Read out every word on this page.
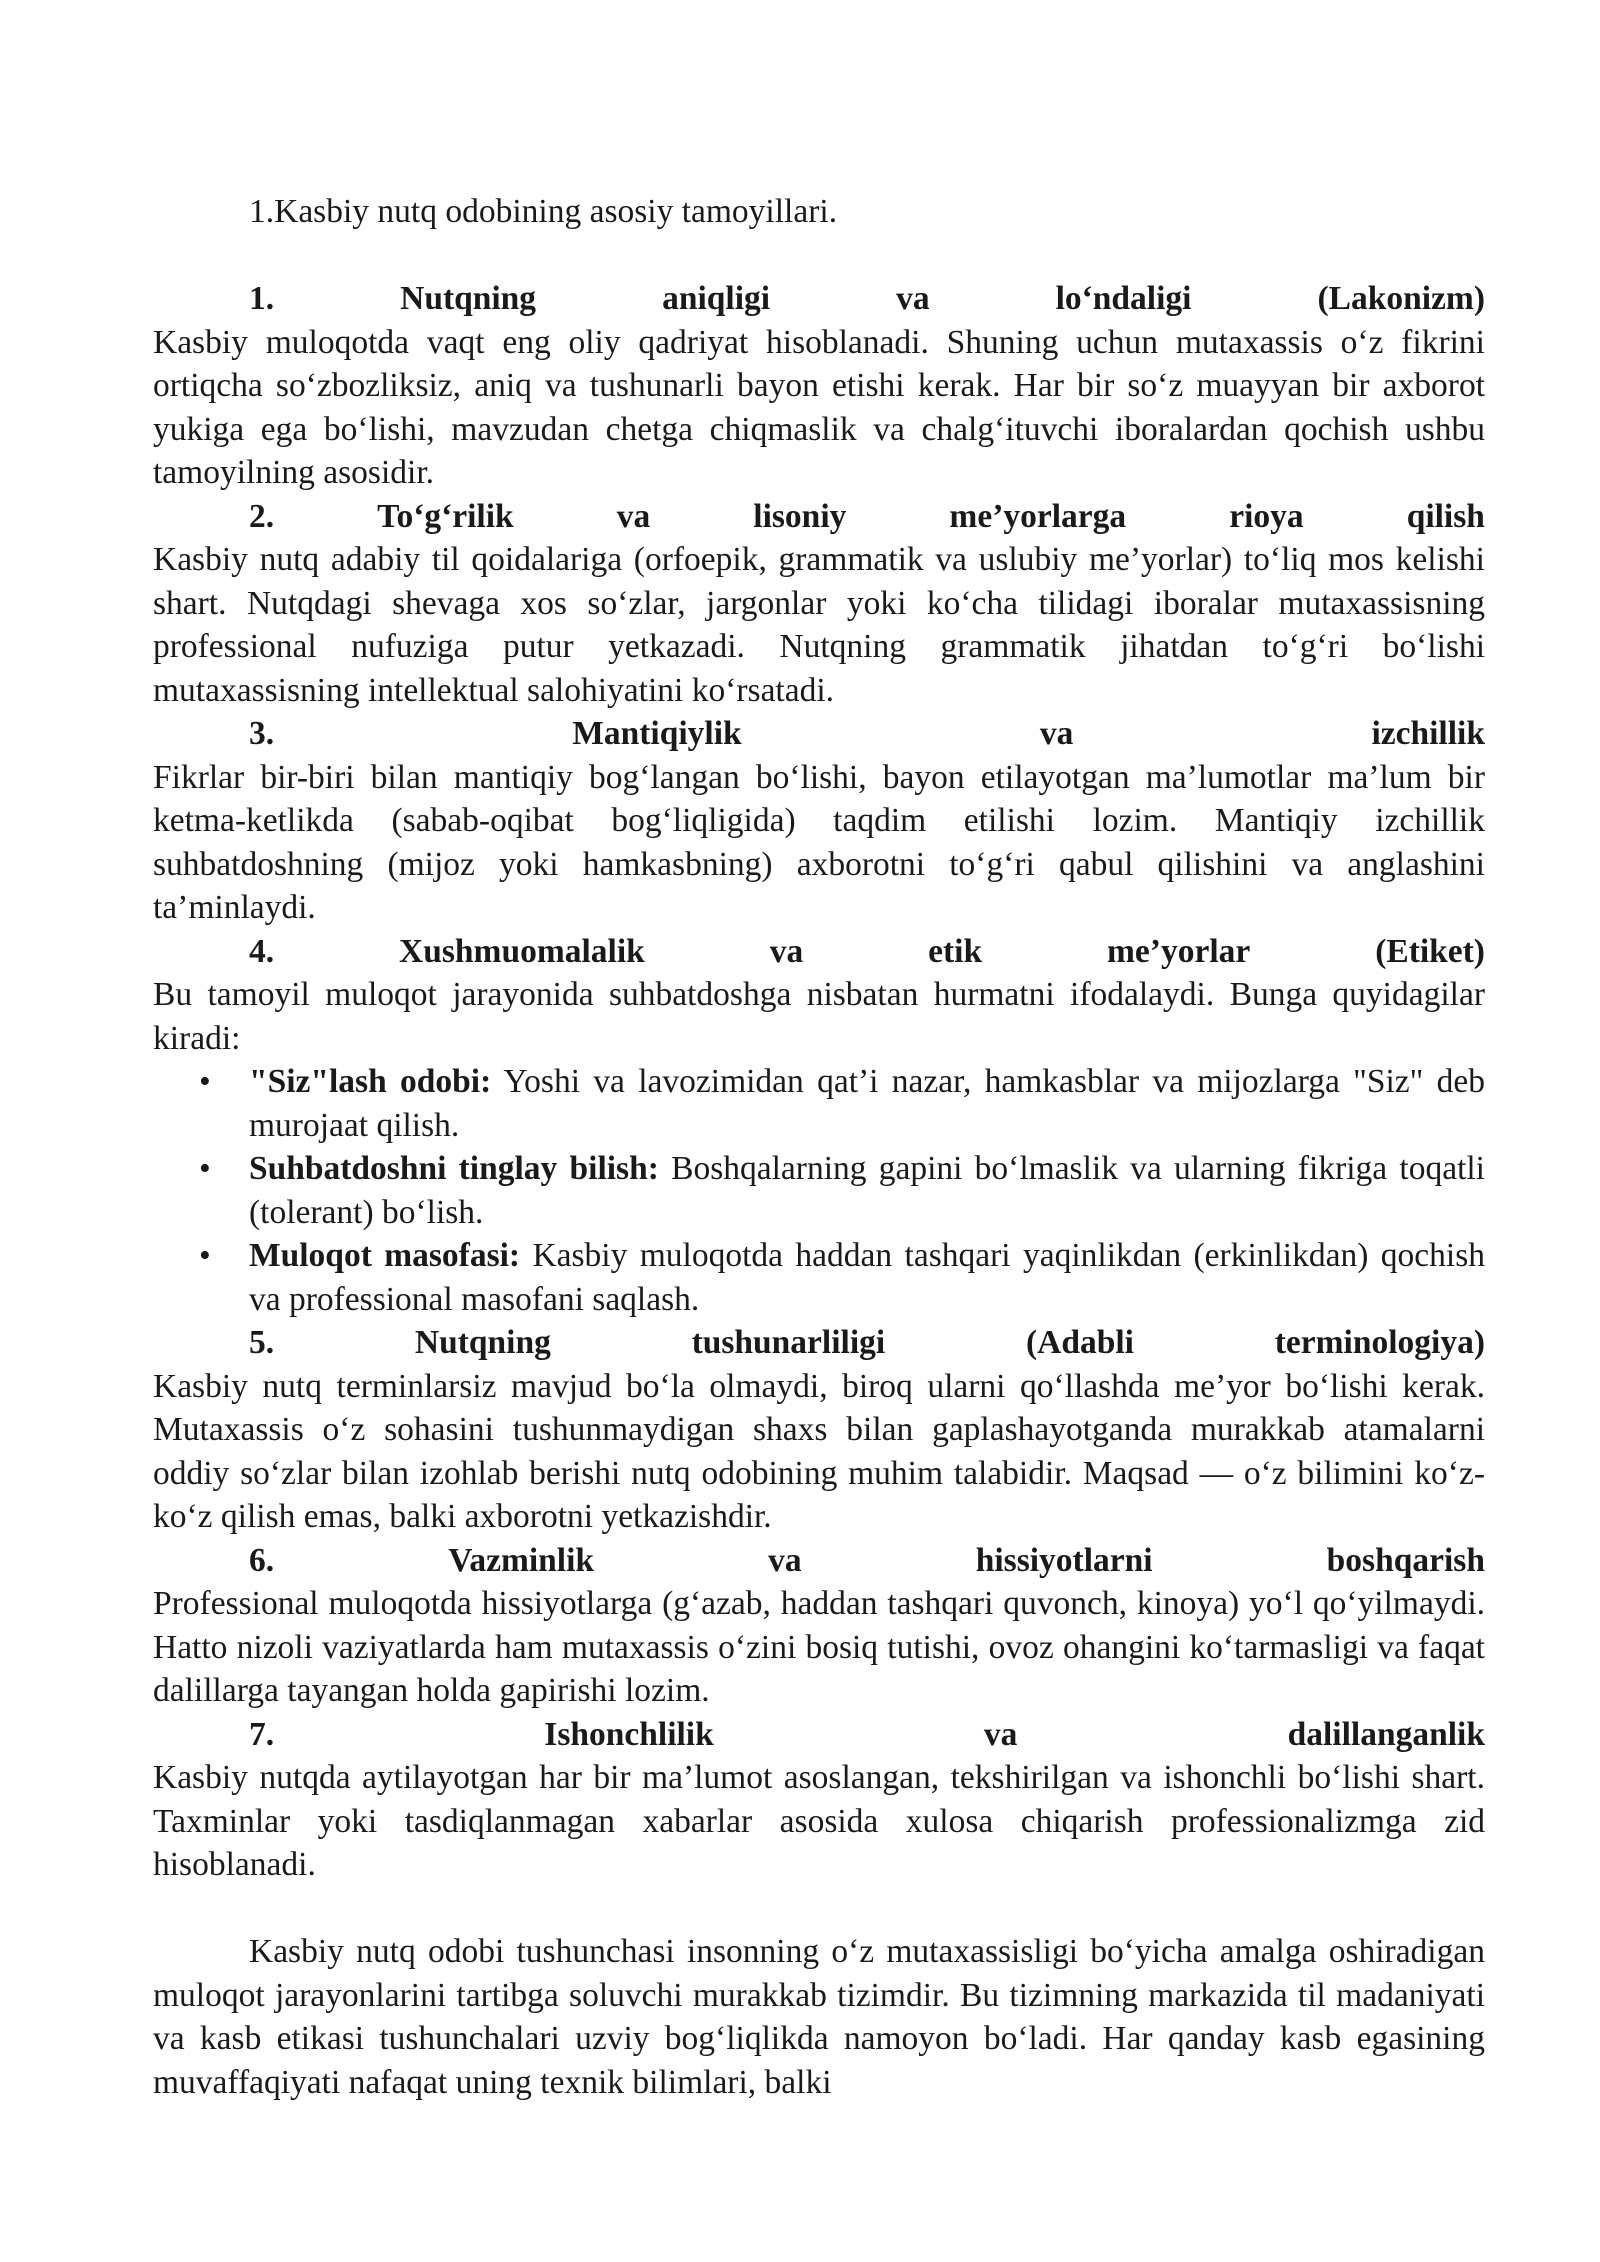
1.Kasbiy nutq odobining asosiy tamoyillari.

1.	Nutqning	aniqligi	va	lo‘ndaligi	(Lakonizm)

Kasbiy muloqotda vaqt eng oliy qadriyat hisoblanadi. Shuning uchun mutaxassis o‘z fikrini ortiqcha so‘zbozliksiz, aniq va tushunarli bayon etishi kerak. Har bir so‘z muayyan bir axborot yukiga ega bo‘lishi, mavzudan chetga chiqmaslik va chalg‘ituvchi iboralardan qochish ushbu tamoyilning asosidir.

2.	To‘g‘rilik	va	lisoniy	me’yorlarga	rioya	qilish

Kasbiy nutq adabiy til qoidalariga (orfoepik, grammatik va uslubiy me’yorlar) to‘liq mos kelishi shart. Nutqdagi shevaga xos so‘zlar, jargonlar yoki ko‘cha tilidagi iboralar mutaxassisning professional nufuziga putur yetkazadi. Nutqning grammatik jihatdan to‘g‘ri bo‘lishi mutaxassisning intellektual salohiyatini ko‘rsatadi.

3.	Mantiqiylik	va	izchillik

Fikrlar bir-biri bilan mantiqiy bog‘langan bo‘lishi, bayon etilayotgan ma’lumotlar ma’lum bir ketma-ketlikda (sabab-oqibat bog‘liqligida) taqdim etilishi lozim. Mantiqiy izchillik suhbatdoshning (mijoz yoki hamkasbning) axborotni to‘g‘ri qabul qilishini va anglashini ta’minlaydi.

4.	Xushmuomalalik	va	etik	me’yorlar	(Etiket)

Bu tamoyil muloqot jarayonida suhbatdoshga nisbatan hurmatni ifodalaydi. Bunga quyidagilar kiradi:

• "Siz"lash odobi: Yoshi va lavozimidan qat’i nazar, hamkasblar va mijozlarga "Siz" deb murojaat qilish.
• Suhbatdoshni tinglay bilish: Boshqalarning gapini bo‘lmaslik va ularning fikriga toqatli (tolerant) bo‘lish.
• Muloqot masofasi: Kasbiy muloqotda haddan tashqari yaqinlikdan (erkinlikdan) qochish va professional masofani saqlash.
5.	Nutqning	tushunarliligi	(Adabli	terminologiya)

Kasbiy nutq terminlarsiz mavjud bo‘la olmaydi, biroq ularni qo‘llashda me’yor bo‘lishi kerak. Mutaxassis o‘z sohasini tushunmaydigan shaxs bilan gaplashayotganda murakkab atamalarni oddiy so‘zlar bilan izohlab berishi nutq odobining muhim talabidir. Maqsad — o‘z bilimini ko‘z-ko‘z qilish emas, balki axborotni yetkazishdir.

6.	Vazminlik	va	hissiyotlarni	boshqarish

Professional muloqotda hissiyotlarga (g‘azab, haddan tashqari quvonch, kinoya) yo‘l qo‘yilmaydi. Hatto nizoli vaziyatlarda ham mutaxassis o‘zini bosiq tutishi, ovoz ohangini ko‘tarmasligi va faqat dalillarga tayangan holda gapirishi lozim.

7.	Ishonchlilik	va	dalillanganlik

Kasbiy nutqda aytilayotgan har bir ma’lumot asoslangan, tekshirilgan va ishonchli bo‘lishi shart. Taxminlar yoki tasdiqlanmagan xabarlar asosida xulosa chiqarish professionalizmga zid hisoblanadi.

Kasbiy nutq odobi tushunchasi insonning o‘z mutaxassisligi bo‘yicha amalga oshiradigan muloqot jarayonlarini tartibga soluvchi murakkab tizimdir. Bu tizimning markazida til madaniyati va kasb etikasi tushunchalari uzviy bog‘liqlikda namoyon bo‘ladi. Har qanday kasb egasining muvaffaqiyati nafaqat uning texnik bilimlari, balki
